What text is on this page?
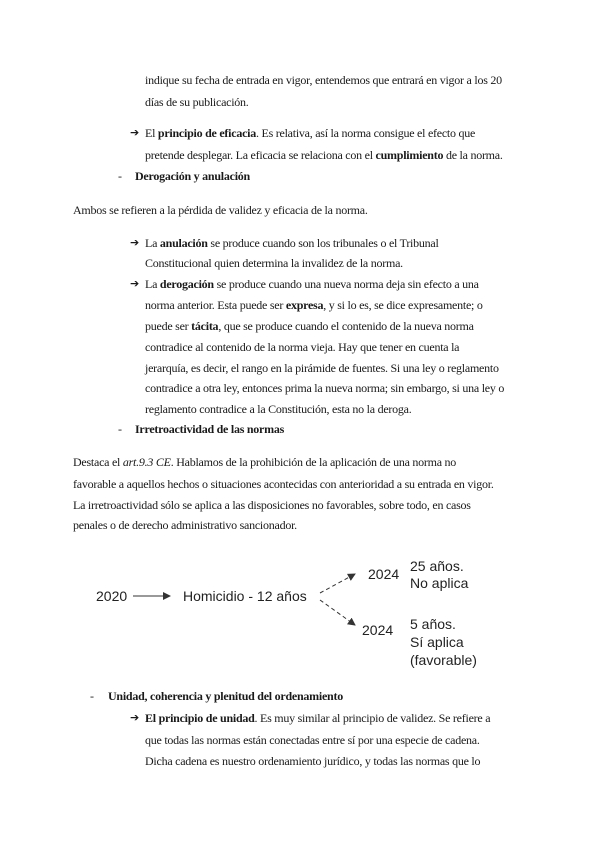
indique su fecha de entrada en vigor, entendemos que entrará en vigor a los 20
días de su publicación.
➔ El principio de eficacia. Es relativa, así la norma consigue el efecto que
pretende desplegar. La eficacia se relaciona con el cumplimiento de la norma.
- Derogación y anulación
Ambos se refieren a la pérdida de validez y eficacia de la norma.
➔ La anulación se produce cuando son los tribunales o el Tribunal
Constitucional quien determina la invalidez de la norma.
➔ La derogación se produce cuando una nueva norma deja sin efecto a una
norma anterior. Esta puede ser expresa, y si lo es, se dice expresamente; o
puede ser tácita, que se produce cuando el contenido de la nueva norma
contradice al contenido de la norma vieja. Hay que tener en cuenta la
jerarquía, es decir, el rango en la pirámide de fuentes. Si una ley o reglamento
contradice a otra ley, entonces prima la nueva norma; sin embargo, si una ley o
reglamento contradice a la Constitución, esta no la deroga.
- Irretroactividad de las normas
Destaca el art.9.3 CE. Hablamos de la prohibición de la aplicación de una norma no
favorable a aquellos hechos o situaciones acontecidas con anterioridad a su entrada en vigor.
La irretroactividad sólo se aplica a las disposiciones no favorables, sobre todo, en casos
penales o de derecho administrativo sancionador.
2020	Homicidio - 12 años
2024 25 años.
No aplica
2024 5 años.
Sí aplica
(favorable)
- Unidad, coherencia y plenitud del ordenamiento
➔ El principio de unidad. Es muy similar al principio de validez. Se refiere a
que todas las normas están conectadas entre sí por una especie de cadena.
Dicha cadena es nuestro ordenamiento jurídico, y todas las normas que lo
